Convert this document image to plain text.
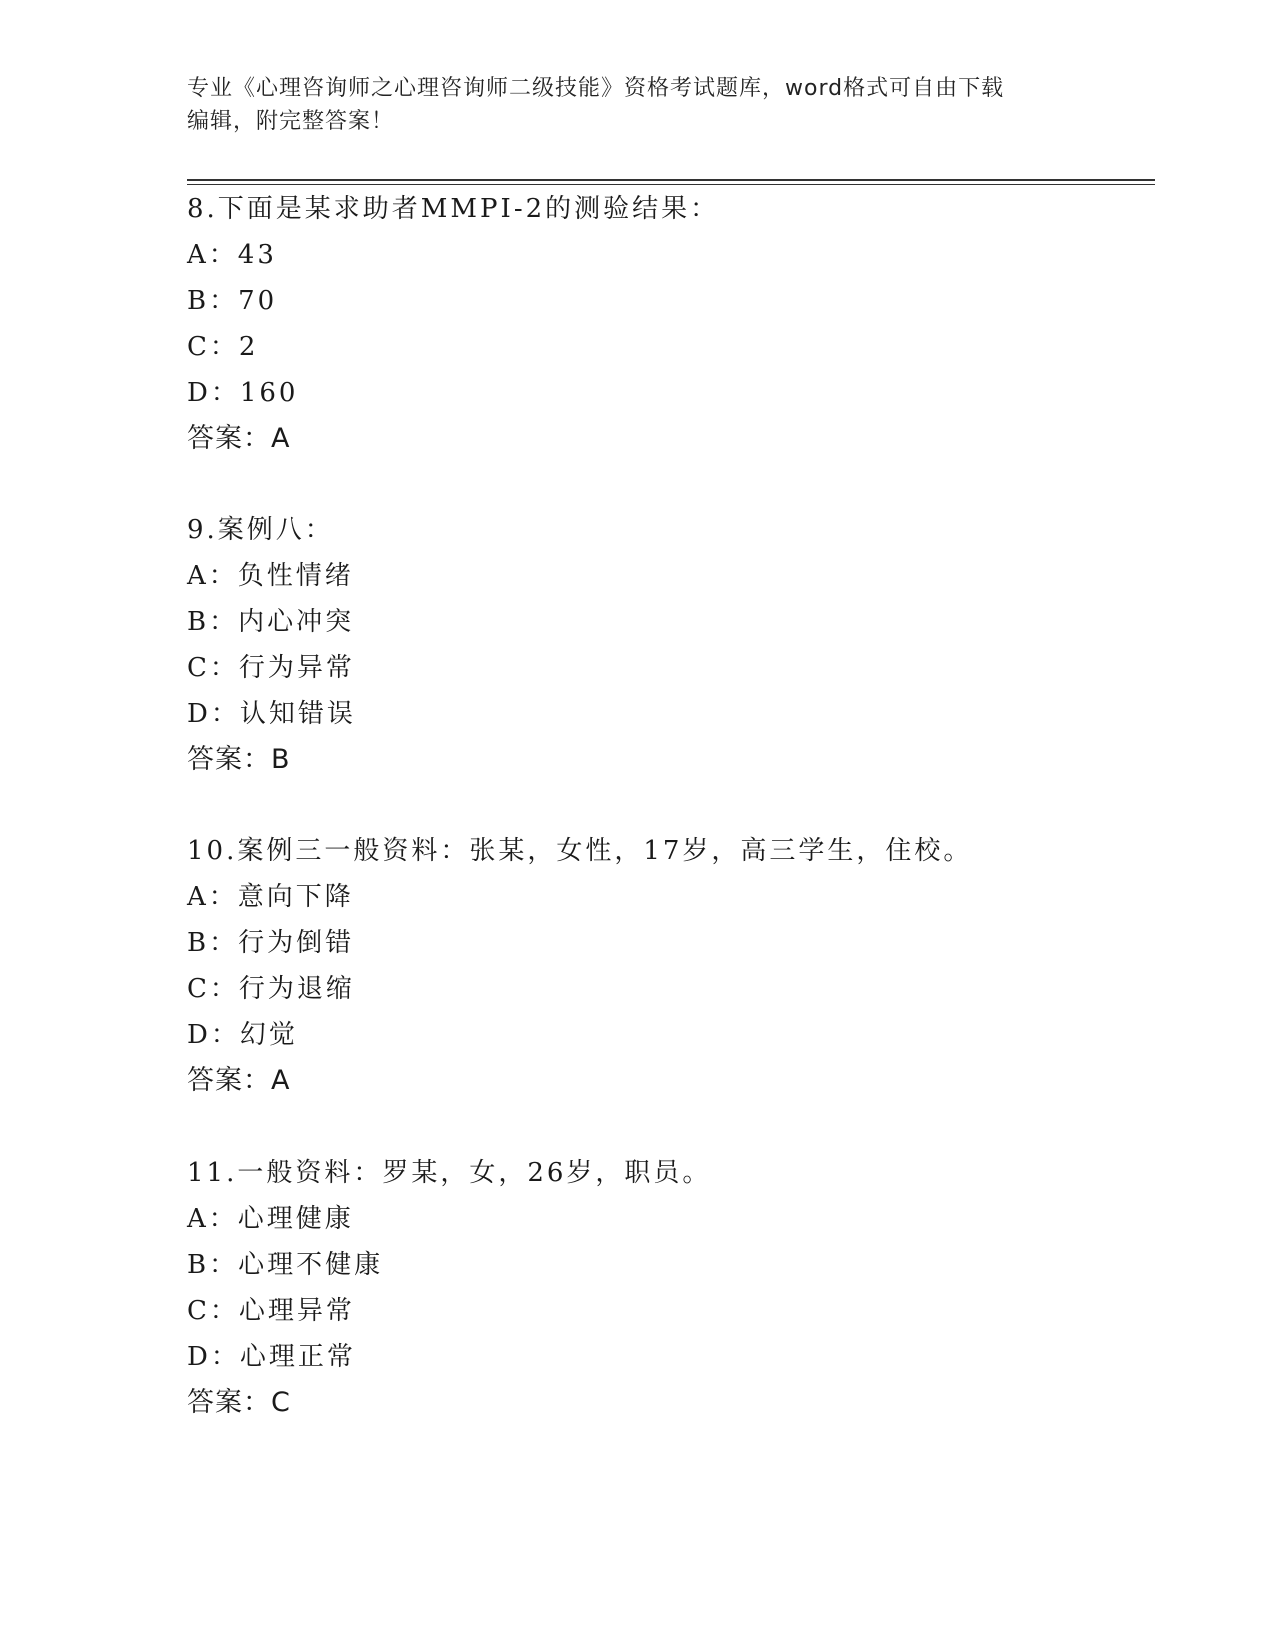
专业《心理咨询师之心理咨询师二级技能》资格考试题库，word格式可自由下载
编辑，附完整答案！
8.下面是某求助者MMPI-2的测验结果：
A：43
B：70
C：2
D：160
答案：A
9.案例八：
A：负性情绪
B：内心冲突
C：行为异常
D：认知错误
答案：B
10.案例三一般资料：张某，女性，17岁，高三学生，住校。
A：意向下降
B：行为倒错
C：行为退缩
D：幻觉
答案：A
11.一般资料：罗某，女，26岁，职员。
A：心理健康
B：心理不健康
C：心理异常
D：心理正常
答案：C
